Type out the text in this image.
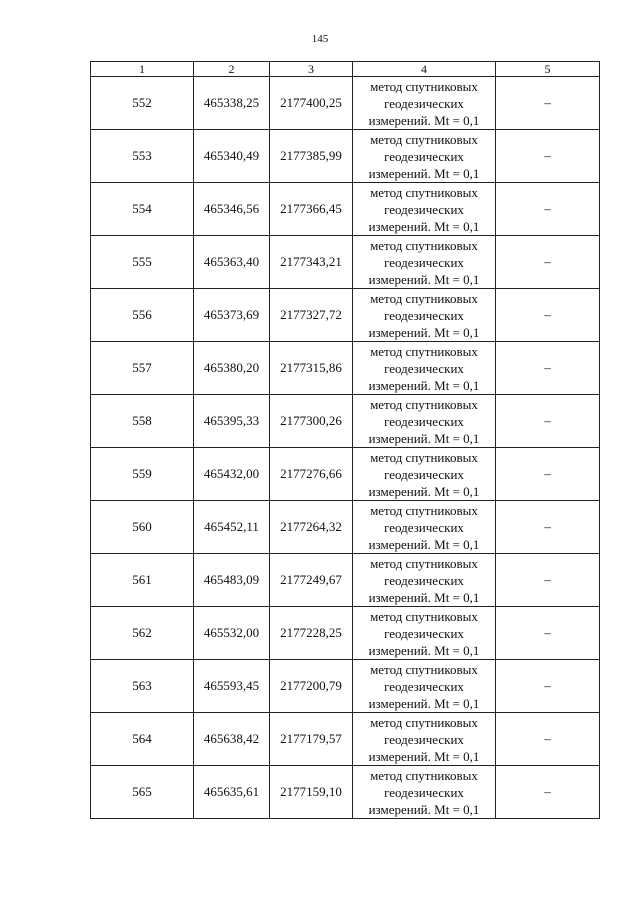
145
1	2	3	4	5
552	465338,25	2177400,25	метод спутниковых
геодезических
измерений. Mt = 0,1	–
553	465340,49	2177385,99	метод спутниковых
геодезических
измерений. Mt = 0,1	–
554	465346,56	2177366,45	метод спутниковых
геодезических
измерений. Mt = 0,1	–
555	465363,40	2177343,21	метод спутниковых
геодезических
измерений. Mt = 0,1	–
556	465373,69	2177327,72	метод спутниковых
геодезических
измерений. Mt = 0,1	–
557	465380,20	2177315,86	метод спутниковых
геодезических
измерений. Mt = 0,1	–
558	465395,33	2177300,26	метод спутниковых
геодезических
измерений. Mt = 0,1	–
559	465432,00	2177276,66	метод спутниковых
геодезических
измерений. Mt = 0,1	–
560	465452,11	2177264,32	метод спутниковых
геодезических
измерений. Mt = 0,1	–
561	465483,09	2177249,67	метод спутниковых
геодезических
измерений. Mt = 0,1	–
562	465532,00	2177228,25	метод спутниковых
геодезических
измерений. Mt = 0,1	–
563	465593,45	2177200,79	метод спутниковых
геодезических
измерений. Mt = 0,1	–
564	465638,42	2177179,57	метод спутниковых
геодезических
измерений. Mt = 0,1	–
565	465635,61	2177159,10	метод спутниковых
геодезических
измерений. Mt = 0,1	–
